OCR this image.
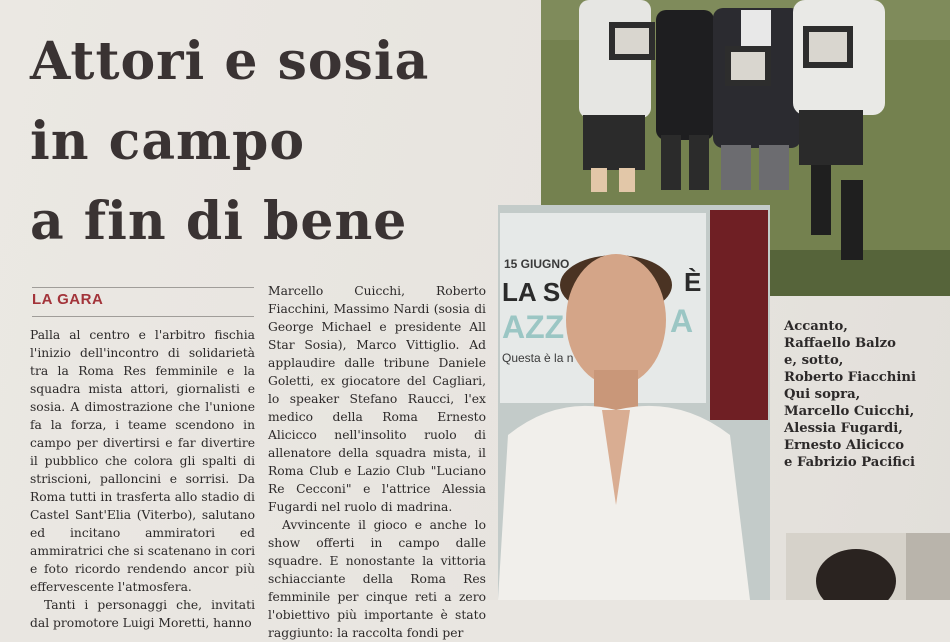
Attori e sosia
in campo
a fin di bene
LA GARA

Palla al centro e l'arbitro fischia l'inizio dell'incontro di solidarietà tra la Roma Res femminile e la squadra mista attori, giornalisti e sosia. A dimostrazione che l'unione fa la forza, i teame scendono in campo per divertirsi e far divertire il pubblico che colora gli spalti di striscioni, palloncini e sorrisi. Da Roma tutti in trasferta allo stadio di Castel Sant'Elia (Viterbo), salutano ed incitano ammiratori ed ammiratrici che si scatenano in cori e foto ricordo rendendo ancor più effervescente l'atmosfera.

Tanti i personaggi che, invitati dal promotore Luigi Moretti, hanno

Marcello Cuicchi, Roberto Fiacchini, Massimo Nardi (sosia di George Michael e presidente All Star Sosia), Marco Vittiglio. Ad applaudire dalle tribune Daniele Goletti, ex giocatore del Cagliari, lo speaker Stefano Raucci, l'ex medico della Roma Ernesto Alicicco nell'insolito ruolo di allenatore della squadra mista, il Roma Club e Lazio Club "Luciano Re Cecconi" e l'attrice Alessia Fugardi nel ruolo di madrina.

Avvincente il gioco e anche lo show offerti in campo dalle squadre. E nonostante la vittoria schiacciante della Roma Res femminile per cinque reti a zero l'obiettivo più importante è stato raggiunto: la raccolta fondi per

15 GIUGNO
LA S	È
AZZ	A
Questa è la n
Accanto,
Raffaello Balzo
e, sotto,
Roberto Fiacchini
Qui sopra,
Marcello Cuicchi,
Alessia Fugardi,
Ernesto Alicicco
e Fabrizio Pacifici
